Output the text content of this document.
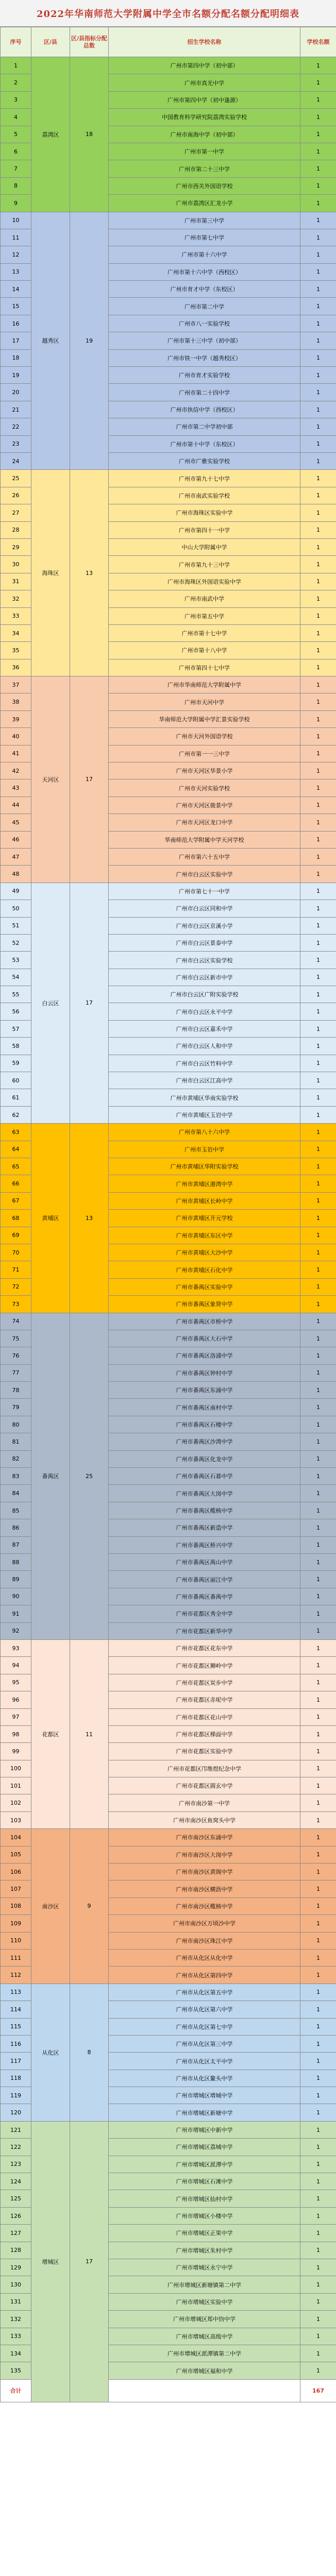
2022年华南师范大学附属中学全市名额分配名额分配明细表
序号	区/县	区/县指标分配总数	招生学校名称	学校名额	
1	荔湾区	18	广州市第四中学（初中部）	1	
2			广州市真光中学	1	
3			广州市第四中学（初中逢源）	1	
4			中国教育科学研究院荔湾实验学校	1	
5			广州市南海中学（初中部）	1	
6			广州市第一中学	1	
7			广州市第二十三中学	1	
8			广州市西关外国语学校	1	
9			广州市荔湾区汇龙小学	1	
10	越秀区	19	广州市第三中学	1	
11			广州市第七中学	1	
12			广州市第十六中学	1	
13			广州市第十六中学（西校区）	1	
14			广州市育才中学（东校区）	1	
15			广州市第二中学	1	
16			广州市八一实验学校	1	
17			广州市第十三中学（初中部）	1	
18			广州市铁一中学（越秀校区）	1	
19			广州市育才实验学校	1	
20			广州市第二十四中学	1	
21			广州市执信中学（西校区）	1	
22			广州市第二中学初中部	1	
23			广州市第十中学（东校区）	1	
24			广州市广雅实验学校	1	
25	海珠区	13	广州市第九十七中学	1	
26			广州市南武实验学校	1	
27			广州市海珠区实验中学	1	
28			广州市第四十一中学	1	
29			中山大学附属中学	1	
30			广州市第九十三中学	1	
31			广州市海珠区外国语实验中学	1	
32			广州市南武中学	1	
33			广州市第五中学	1	
34			广州市第十七中学	1	
35			广州市第十八中学	1	
36			广州市第四十七中学	1	
37	天河区	17	广州市华南师范大学附属中学	1	
38			广州市天河中学	1	
39			华南师范大学附属中学汇景实验学校	1	
40			广州市天河外国语学校	1	
41			广州市第一一三中学	1	
42			广州市天河区华景小学	1	
43			广州市天河实验学校	1	
44			广州市天河区骏景中学	1	
45			广州市天河区龙口中学	1	
46			华南师范大学附属中学天河学校	1	
47			广州市第六十五中学	1	
48			广州市白云区实验中学	1	
49	白云区	17	广州市第七十一中学	1	
50			广州市白云区同和中学	1	
51			广州市白云区京溪小学	1	
52			广州市白云区景泰中学	1	
53			广州市白云区实验学校	1	
54			广州市白云区新市中学	1	
55			广州市白云区广附实验学校	1	
56			广州市白云区永平中学	1	
57			广州市白云区嘉禾中学	1	
58			广州市白云区人和中学	1	
59			广州市白云区竹料中学	1	
60			广州市白云区江高中学	1	
61			广州市黄埔区华南实验学校	1	
62			广州市黄埔区玉岩中学	1	
63	黄埔区	13	广州市第八十六中学	1	
64			广州市玉岩中学	1	
65			广州市黄埔区华附实验学校	1	
66			广州市黄埔区港湾中学	1	
67			广州市黄埔区长岭中学	1	
68			广州市黄埔区开元学校	1	
69			广州市黄埔区东区中学	1	
70			广州市黄埔区大沙中学	1	
71			广州市黄埔区石化中学	1	
72			广州市番禺区实验中学	1	
73			广州市番禺区象贤中学	1	
74	番禺区	25	广州市番禺区市桥中学	1	
75			广州市番禺区大石中学	1	
76			广州市番禺区洛浦中学	1	
77			广州市番禺区钟村中学	1	
78			广州市番禺区东涌中学	1	
79			广州市番禺区南村中学	1	
80			广州市番禺区石楼中学	1	
81			广州市番禺区沙湾中学	1	
82			广州市番禺区化龙中学	1	
83			广州市番禺区石碁中学	1	
84			广州市番禺区大岗中学	1	
85			广州市番禺区榄核中学	1	
86			广州市番禺区新造中学	1	
87			广州市番禺区桥兴中学	1	
88			广州市番禺区禺山中学	1	
89			广州市番禺区丽江中学	1	
90			广州市番禺区番禺中学	1	
91			广州市花都区秀全中学	1	
92			广州市花都区新华中学	1	
93	花都区	11	广州市花都区花东中学	1	
94			广州市花都区狮岭中学	1	
95			广州市花都区炭步中学	1	
96			广州市花都区赤坭中学	1	
97			广州市花都区花山中学	1	
98			广州市花都区梯面中学	1	
99			广州市花都区实验中学	1	
100			广州市花都区邝维煜纪念中学	1	
101			广州市花都区圆玄中学	1	
102			广州市南沙第一中学	1	
103			广州市南沙区鱼窝头中学	1	
104	南沙区	9	广州市南沙区东涌中学	1	
105			广州市南沙区大岗中学	1	
106			广州市南沙区黄阁中学	1	
107			广州市南沙区横沥中学	1	
108			广州市南沙区榄核中学	1	
109			广州市南沙区万顷沙中学	1	
110			广州市南沙区珠江中学	1	
111			广州市从化区从化中学	1	
112			广州市从化区第四中学	1	
113	从化区	8	广州市从化区第五中学	1	
114			广州市从化区第六中学	1	
115			广州市从化区第七中学	1	
116			广州市从化区第三中学	1	
117			广州市从化区太平中学	1	
118			广州市从化区鳌头中学	1	
119			广州市增城区增城中学	1	
120			广州市增城区新塘中学	1	
121	增城区	17	广州市增城区中新中学	1	
122			广州市增城区荔城中学	1	
123			广州市增城区派潭中学	1	
124			广州市增城区石滩中学	1	
125			广州市增城区仙村中学	1	
126			广州市增城区小楼中学	1	
127			广州市增城区正果中学	1	
128			广州市增城区朱村中学	1	
129			广州市增城区永宁中学	1	
130			广州市增城区新塘镇第二中学	1	
131			广州市增城区实验中学	1	
132			广州市增城区郑中钧中学	1	
133			广州市增城区高级中学	1	
134			广州市增城区派潭镇第二中学	1	
135			广州市增城区福和中学	1	
合计				167		
